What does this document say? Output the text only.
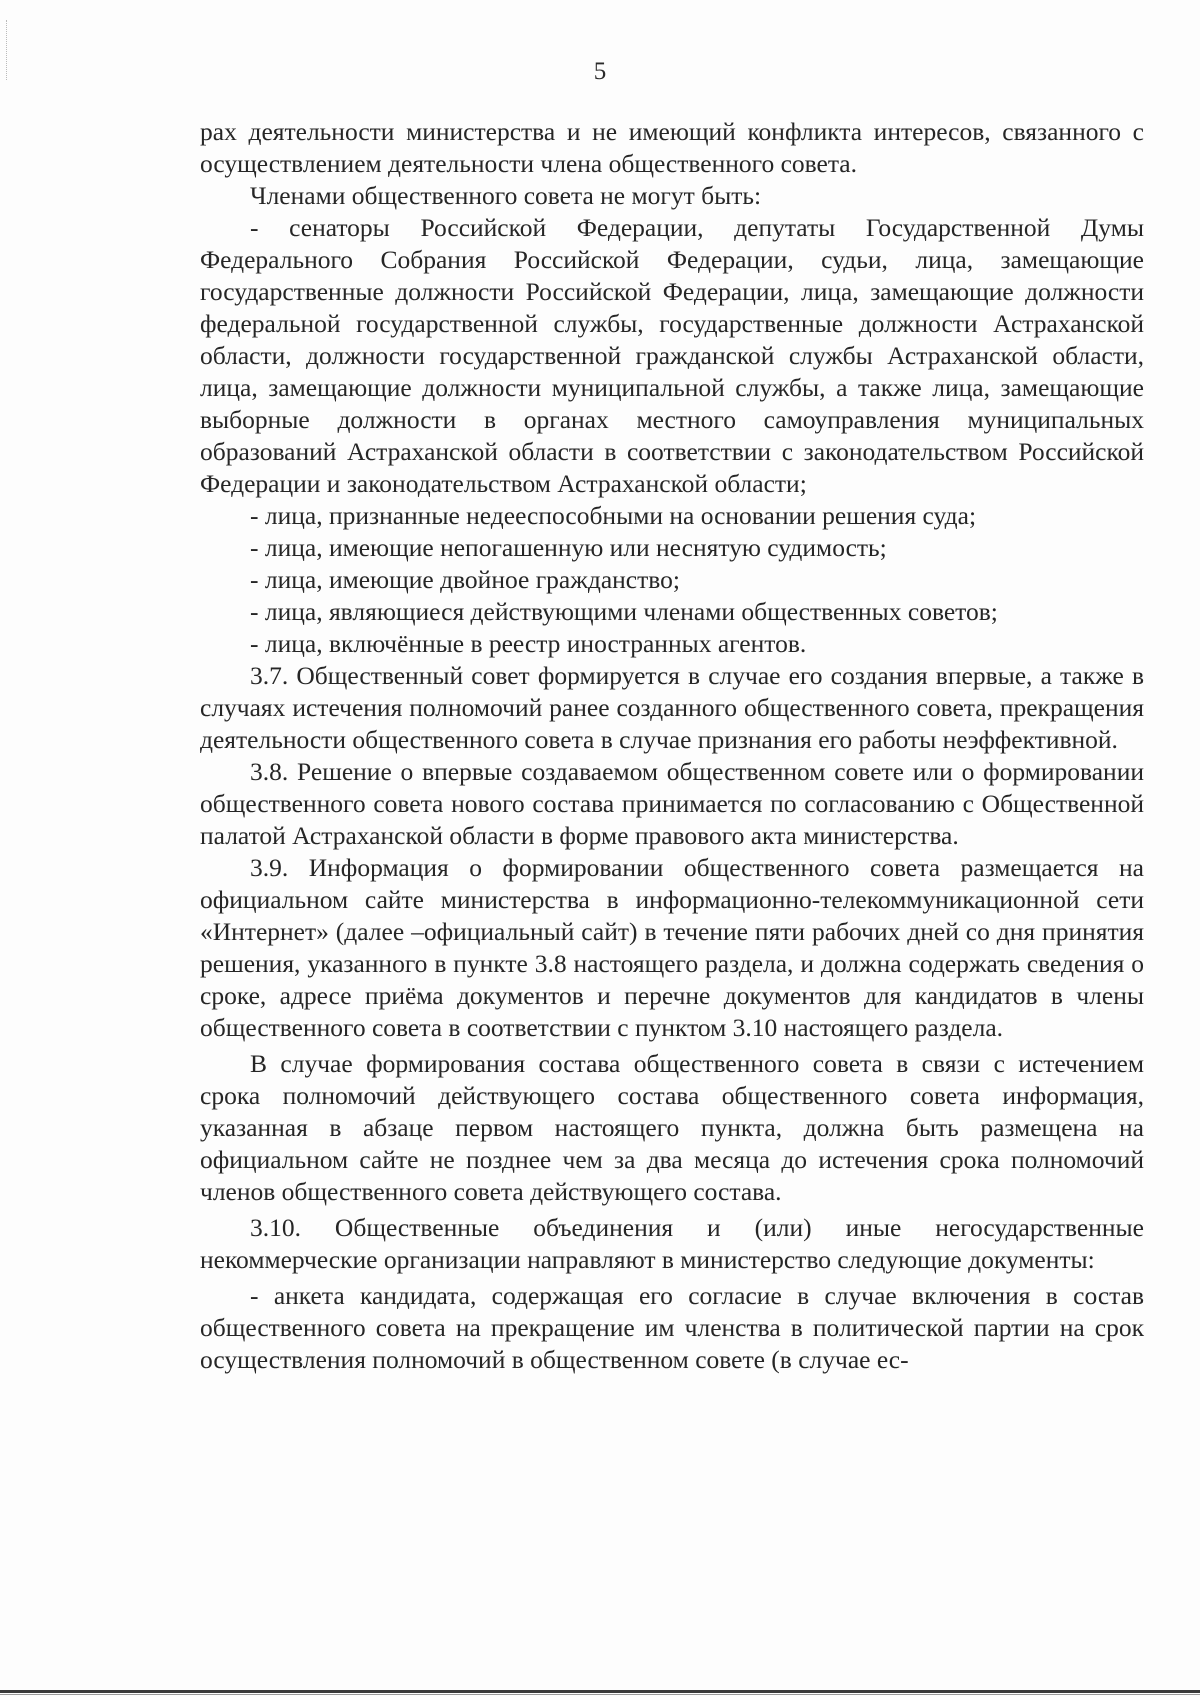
5

рах деятельности министерства и не имеющий конфликта интересов, связанного с осуществлением деятельности члена общественного совета.

Членами общественного совета не могут быть:

- сенаторы Российской Федерации, депутаты Государственной Думы Федерального Собрания Российской Федерации, судьи, лица, замещающие государственные должности Российской Федерации, лица, замещающие должности федеральной государственной службы, государственные должности Астраханской области, должности государственной гражданской службы Астраханской области, лица, замещающие должности муниципальной службы, а также лица, замещающие выборные должности в органах местного самоуправления муниципальных образований Астраханской области в соответствии с законодательством Российской Федерации и законодательством Астраханской области;

- лица, признанные недееспособными на основании решения суда;

- лица, имеющие непогашенную или неснятую судимость;

- лица, имеющие двойное гражданство;

- лица, являющиеся действующими членами общественных советов;

- лица, включённые в реестр иностранных агентов.

3.7. Общественный совет формируется в случае его создания впервые, а также в случаях истечения полномочий ранее созданного общественного совета, прекращения деятельности общественного совета в случае признания его работы неэффективной.

3.8. Решение о впервые создаваемом общественном совете или о формировании общественного совета нового состава принимается по согласованию с Общественной палатой Астраханской области в форме правового акта министерства.

3.9. Информация о формировании общественного совета размещается на официальном сайте министерства в информационно-телекоммуникационной сети «Интернет» (далее –официальный сайт) в течение пяти рабочих дней со дня принятия решения, указанного в пункте 3.8 настоящего раздела, и должна содержать сведения о сроке, адресе приёма документов и перечне документов для кандидатов в члены общественного совета в соответствии с пунктом 3.10 настоящего раздела.

В случае формирования состава общественного совета в связи с истечением срока полномочий действующего состава общественного совета информация, указанная в абзаце первом настоящего пункта, должна быть размещена на официальном сайте не позднее чем за два месяца до истечения срока полномочий членов общественного совета действующего состава.

3.10. Общественные объединения и (или) иные негосударственные некоммерческие организации направляют в министерство следующие документы:

- анкета кандидата, содержащая его согласие в случае включения в состав общественного совета на прекращение им членства в политической партии на срок осуществления полномочий в общественном совете (в случае ес-
